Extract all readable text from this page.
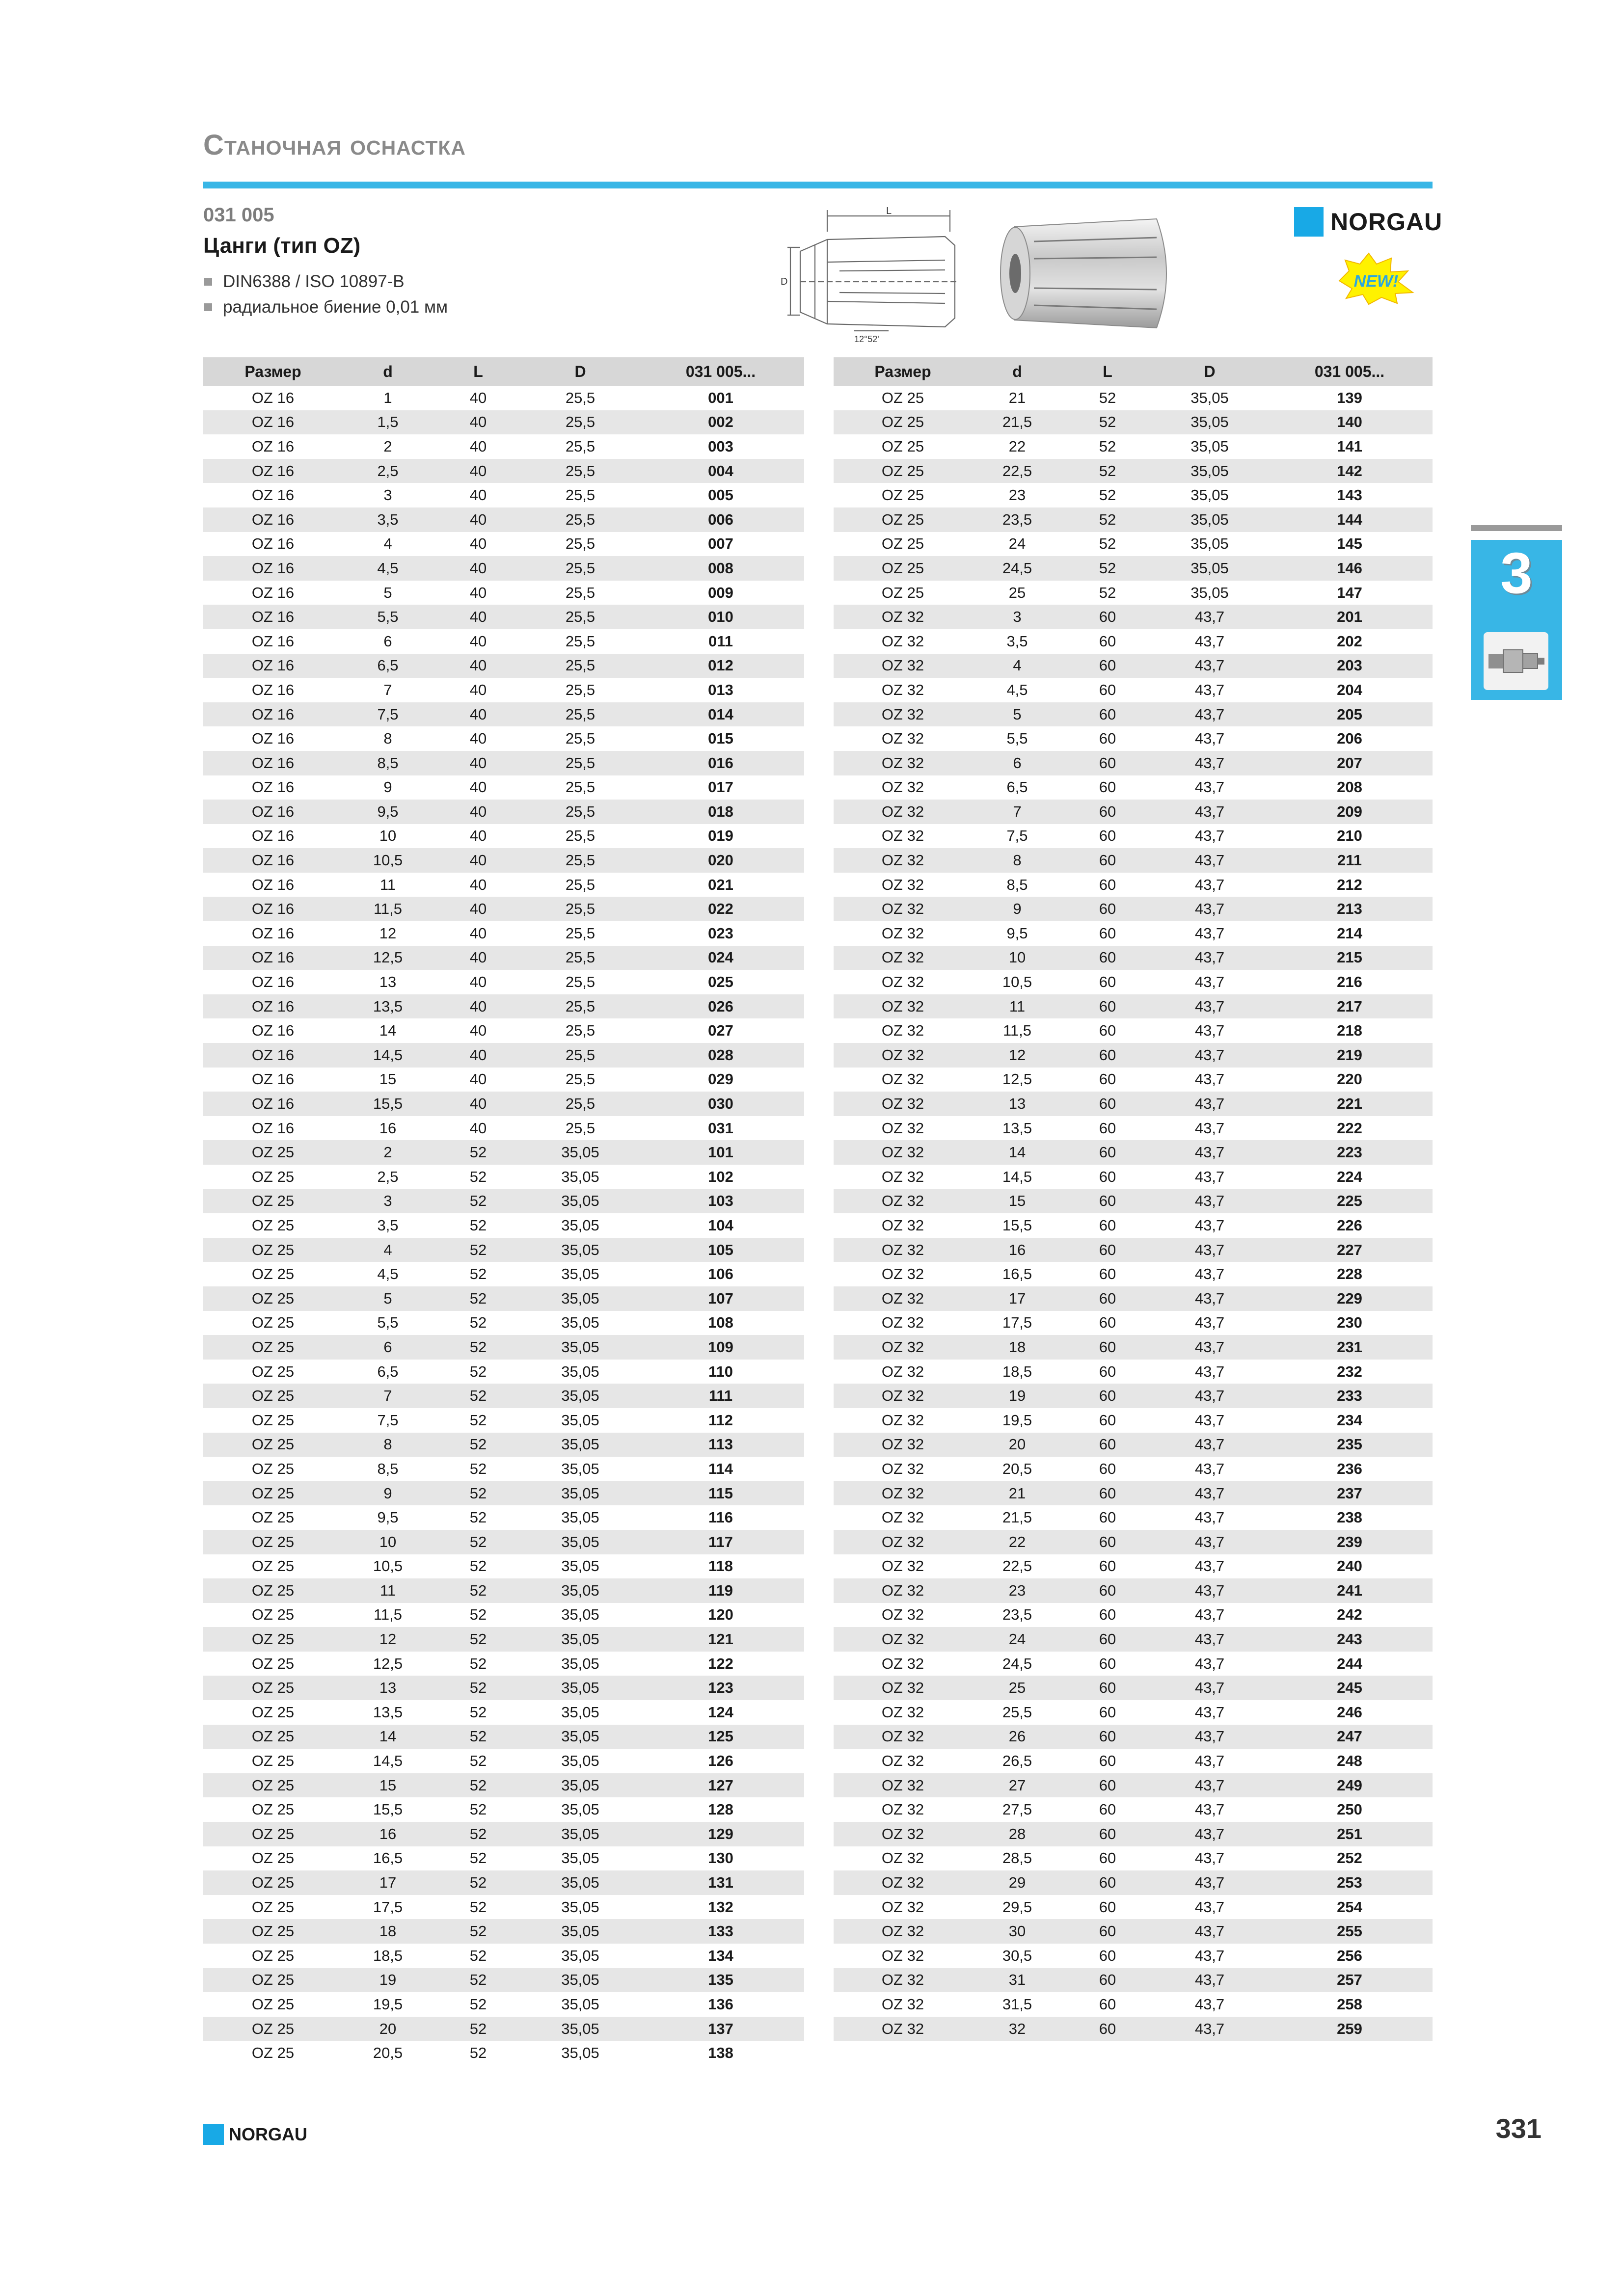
Станочная оснастка
031 005
Цанги (тип OZ)
DIN6388 / ISO 10897-B
радиальное биение 0,01 мм
L
D
12°52'
NORGAU
NEW!
3
Размер	d	L	D	031 005...
OZ 16	1	40	25,5	001
OZ 16	1,5	40	25,5	002
OZ 16	2	40	25,5	003
OZ 16	2,5	40	25,5	004
OZ 16	3	40	25,5	005
OZ 16	3,5	40	25,5	006
OZ 16	4	40	25,5	007
OZ 16	4,5	40	25,5	008
OZ 16	5	40	25,5	009
OZ 16	5,5	40	25,5	010
OZ 16	6	40	25,5	011
OZ 16	6,5	40	25,5	012
OZ 16	7	40	25,5	013
OZ 16	7,5	40	25,5	014
OZ 16	8	40	25,5	015
OZ 16	8,5	40	25,5	016
OZ 16	9	40	25,5	017
OZ 16	9,5	40	25,5	018
OZ 16	10	40	25,5	019
OZ 16	10,5	40	25,5	020
OZ 16	11	40	25,5	021
OZ 16	11,5	40	25,5	022
OZ 16	12	40	25,5	023
OZ 16	12,5	40	25,5	024
OZ 16	13	40	25,5	025
OZ 16	13,5	40	25,5	026
OZ 16	14	40	25,5	027
OZ 16	14,5	40	25,5	028
OZ 16	15	40	25,5	029
OZ 16	15,5	40	25,5	030
OZ 16	16	40	25,5	031
OZ 25	2	52	35,05	101
OZ 25	2,5	52	35,05	102
OZ 25	3	52	35,05	103
OZ 25	3,5	52	35,05	104
OZ 25	4	52	35,05	105
OZ 25	4,5	52	35,05	106
OZ 25	5	52	35,05	107
OZ 25	5,5	52	35,05	108
OZ 25	6	52	35,05	109
OZ 25	6,5	52	35,05	110
OZ 25	7	52	35,05	111
OZ 25	7,5	52	35,05	112
OZ 25	8	52	35,05	113
OZ 25	8,5	52	35,05	114
OZ 25	9	52	35,05	115
OZ 25	9,5	52	35,05	116
OZ 25	10	52	35,05	117
OZ 25	10,5	52	35,05	118
OZ 25	11	52	35,05	119
OZ 25	11,5	52	35,05	120
OZ 25	12	52	35,05	121
OZ 25	12,5	52	35,05	122
OZ 25	13	52	35,05	123
OZ 25	13,5	52	35,05	124
OZ 25	14	52	35,05	125
OZ 25	14,5	52	35,05	126
OZ 25	15	52	35,05	127
OZ 25	15,5	52	35,05	128
OZ 25	16	52	35,05	129
OZ 25	16,5	52	35,05	130
OZ 25	17	52	35,05	131
OZ 25	17,5	52	35,05	132
OZ 25	18	52	35,05	133
OZ 25	18,5	52	35,05	134
OZ 25	19	52	35,05	135
OZ 25	19,5	52	35,05	136
OZ 25	20	52	35,05	137
OZ 25	20,5	52	35,05	138
Размер	d	L	D	031 005...
OZ 25	21	52	35,05	139
OZ 25	21,5	52	35,05	140
OZ 25	22	52	35,05	141
OZ 25	22,5	52	35,05	142
OZ 25	23	52	35,05	143
OZ 25	23,5	52	35,05	144
OZ 25	24	52	35,05	145
OZ 25	24,5	52	35,05	146
OZ 25	25	52	35,05	147
OZ 32	3	60	43,7	201
OZ 32	3,5	60	43,7	202
OZ 32	4	60	43,7	203
OZ 32	4,5	60	43,7	204
OZ 32	5	60	43,7	205
OZ 32	5,5	60	43,7	206
OZ 32	6	60	43,7	207
OZ 32	6,5	60	43,7	208
OZ 32	7	60	43,7	209
OZ 32	7,5	60	43,7	210
OZ 32	8	60	43,7	211
OZ 32	8,5	60	43,7	212
OZ 32	9	60	43,7	213
OZ 32	9,5	60	43,7	214
OZ 32	10	60	43,7	215
OZ 32	10,5	60	43,7	216
OZ 32	11	60	43,7	217
OZ 32	11,5	60	43,7	218
OZ 32	12	60	43,7	219
OZ 32	12,5	60	43,7	220
OZ 32	13	60	43,7	221
OZ 32	13,5	60	43,7	222
OZ 32	14	60	43,7	223
OZ 32	14,5	60	43,7	224
OZ 32	15	60	43,7	225
OZ 32	15,5	60	43,7	226
OZ 32	16	60	43,7	227
OZ 32	16,5	60	43,7	228
OZ 32	17	60	43,7	229
OZ 32	17,5	60	43,7	230
OZ 32	18	60	43,7	231
OZ 32	18,5	60	43,7	232
OZ 32	19	60	43,7	233
OZ 32	19,5	60	43,7	234
OZ 32	20	60	43,7	235
OZ 32	20,5	60	43,7	236
OZ 32	21	60	43,7	237
OZ 32	21,5	60	43,7	238
OZ 32	22	60	43,7	239
OZ 32	22,5	60	43,7	240
OZ 32	23	60	43,7	241
OZ 32	23,5	60	43,7	242
OZ 32	24	60	43,7	243
OZ 32	24,5	60	43,7	244
OZ 32	25	60	43,7	245
OZ 32	25,5	60	43,7	246
OZ 32	26	60	43,7	247
OZ 32	26,5	60	43,7	248
OZ 32	27	60	43,7	249
OZ 32	27,5	60	43,7	250
OZ 32	28	60	43,7	251
OZ 32	28,5	60	43,7	252
OZ 32	29	60	43,7	253
OZ 32	29,5	60	43,7	254
OZ 32	30	60	43,7	255
OZ 32	30,5	60	43,7	256
OZ 32	31	60	43,7	257
OZ 32	31,5	60	43,7	258
OZ 32	32	60	43,7	259
NORGAU	331
